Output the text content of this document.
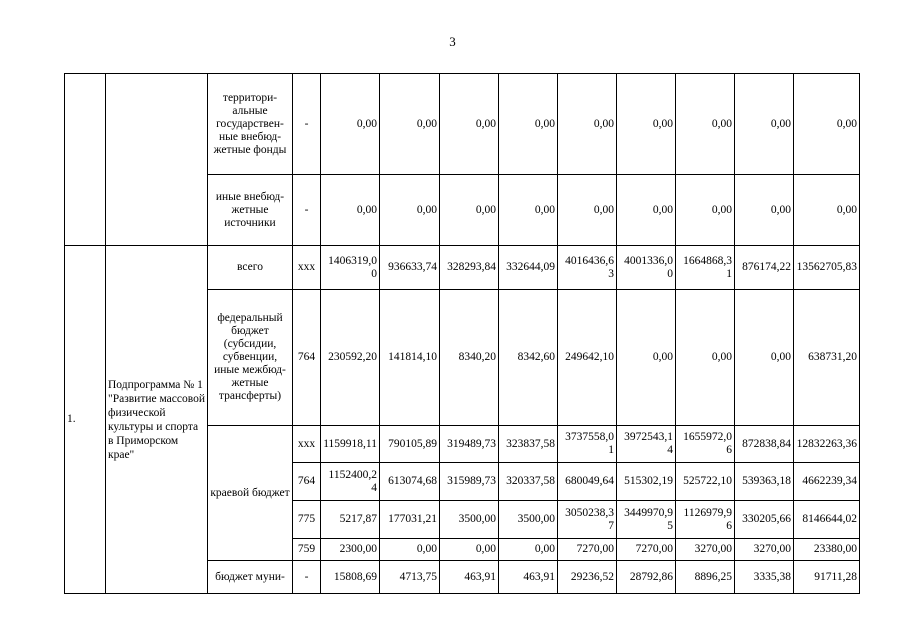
3
		территори-альные государствен-ные внебюд-жетные фонды	-	0,00	0,00	0,00	0,00	0,00	0,00	0,00	0,00	0,00
		иные внебюд-жетные источники	-	0,00	0,00	0,00	0,00	0,00	0,00	0,00	0,00	0,00
1.	Подпрограмма № 1 "Развитие массовой физической культуры и спорта в Приморском крае"	всего	xxx	1406319,00	936633,74	328293,84	332644,09	4016436,63	4001336,00	1664868,31	876174,22	13562705,83
		федеральный бюджет (субсидии, субвенции, иные межбюд-жетные трансферты)	764	230592,20	141814,10	8340,20	8342,60	249642,10	0,00	0,00	0,00	638731,20
		краевой бюджет	xxx	1159918,11	790105,89	319489,73	323837,58	3737558,01	3972543,14	1655972,06	872838,84	12832263,36
			764	1152400,24	613074,68	315989,73	320337,58	680049,64	515302,19	525722,10	539363,18	4662239,34
			775	5217,87	177031,21	3500,00	3500,00	3050238,37	3449970,95	1126979,96	330205,66	8146644,02
			759	2300,00	0,00	0,00	0,00	7270,00	7270,00	3270,00	3270,00	23380,00
		бюджет муни-	-	15808,69	4713,75	463,91	463,91	29236,52	28792,86	8896,25	3335,38	91711,28
